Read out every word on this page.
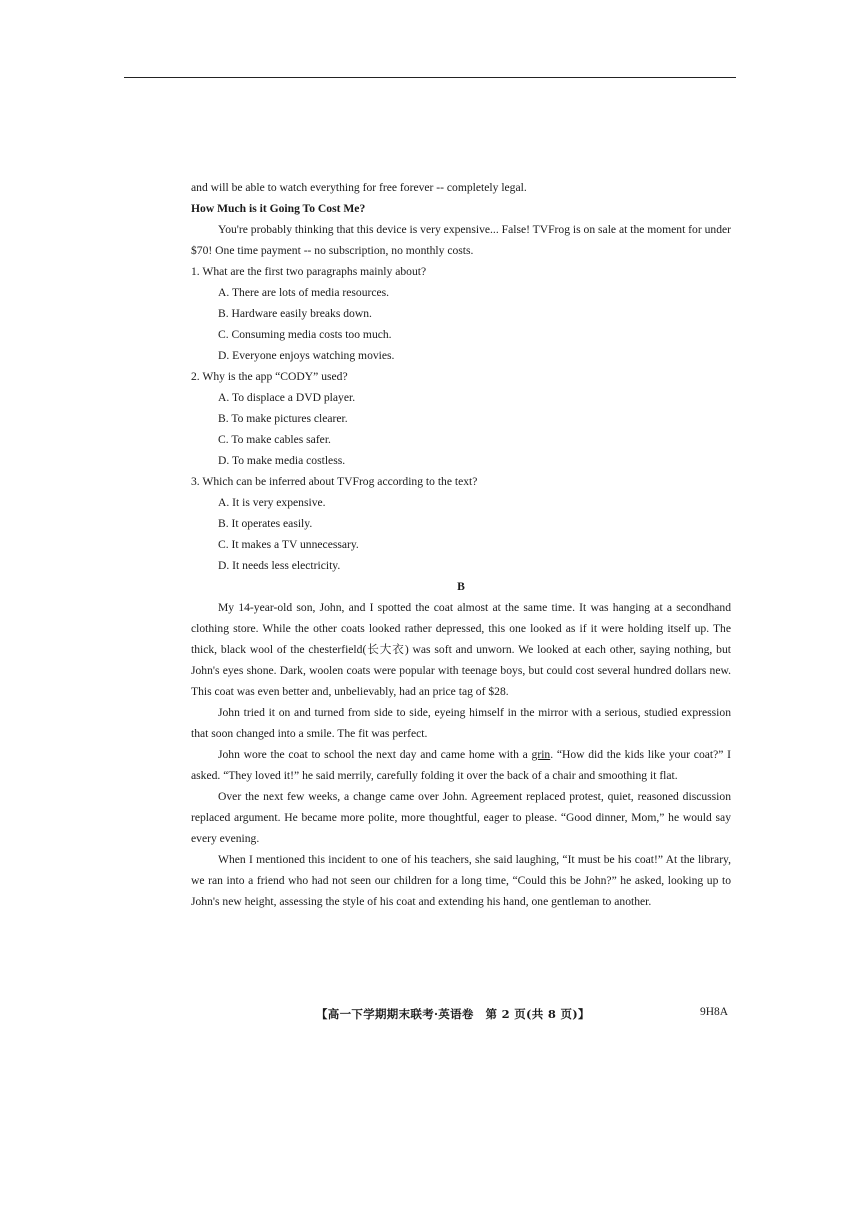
and will be able to watch everything for free forever -- completely legal.

How Much is it Going To Cost Me?

You're probably thinking that this device is very expensive... False! TVFrog is on sale at the moment for under $70! One time payment -- no subscription, no monthly costs.

1. What are the first two paragraphs mainly about?

A. There are lots of media resources.

B. Hardware easily breaks down.

C. Consuming media costs too much.

D. Everyone enjoys watching movies.

2. Why is the app “CODY” used?

A. To displace a DVD player.

B. To make pictures clearer.

C. To make cables safer.

D. To make media costless.

3. Which can be inferred about TVFrog according to the text?

A. It is very expensive.

B. It operates easily.

C. It makes a TV unnecessary.

D. It needs less electricity.

B

My 14-year-old son, John, and I spotted the coat almost at the same time. It was hanging at a secondhand clothing store. While the other coats looked rather depressed, this one looked as if it were holding itself up. The thick, black wool of the chesterfield(长大衣) was soft and unworn. We looked at each other, saying nothing, but John's eyes shone. Dark, woolen coats were popular with teenage boys, but could cost several hundred dollars new. This coat was even better and, unbelievably, had an price tag of $28.

John tried it on and turned from side to side, eyeing himself in the mirror with a serious, studied expression that soon changed into a smile. The fit was perfect.

John wore the coat to school the next day and came home with a grin. “How did the kids like your coat?” I asked. “They loved it!” he said merrily, carefully folding it over the back of a chair and smoothing it flat.

Over the next few weeks, a change came over John. Agreement replaced protest, quiet, reasoned discussion replaced argument. He became more polite, more thoughtful, eager to please. “Good dinner, Mom,” he would say every evening.

When I mentioned this incident to one of his teachers, she said laughing, “It must be his coat!” At the library, we ran into a friend who had not seen our children for a long time, “Could this be John?” he asked, looking up to John's new height, assessing the style of his coat and extending his hand, one gentleman to another.

【高一下学期期末联考·英语卷　第 2 页(共 8 页)】	9H8A
